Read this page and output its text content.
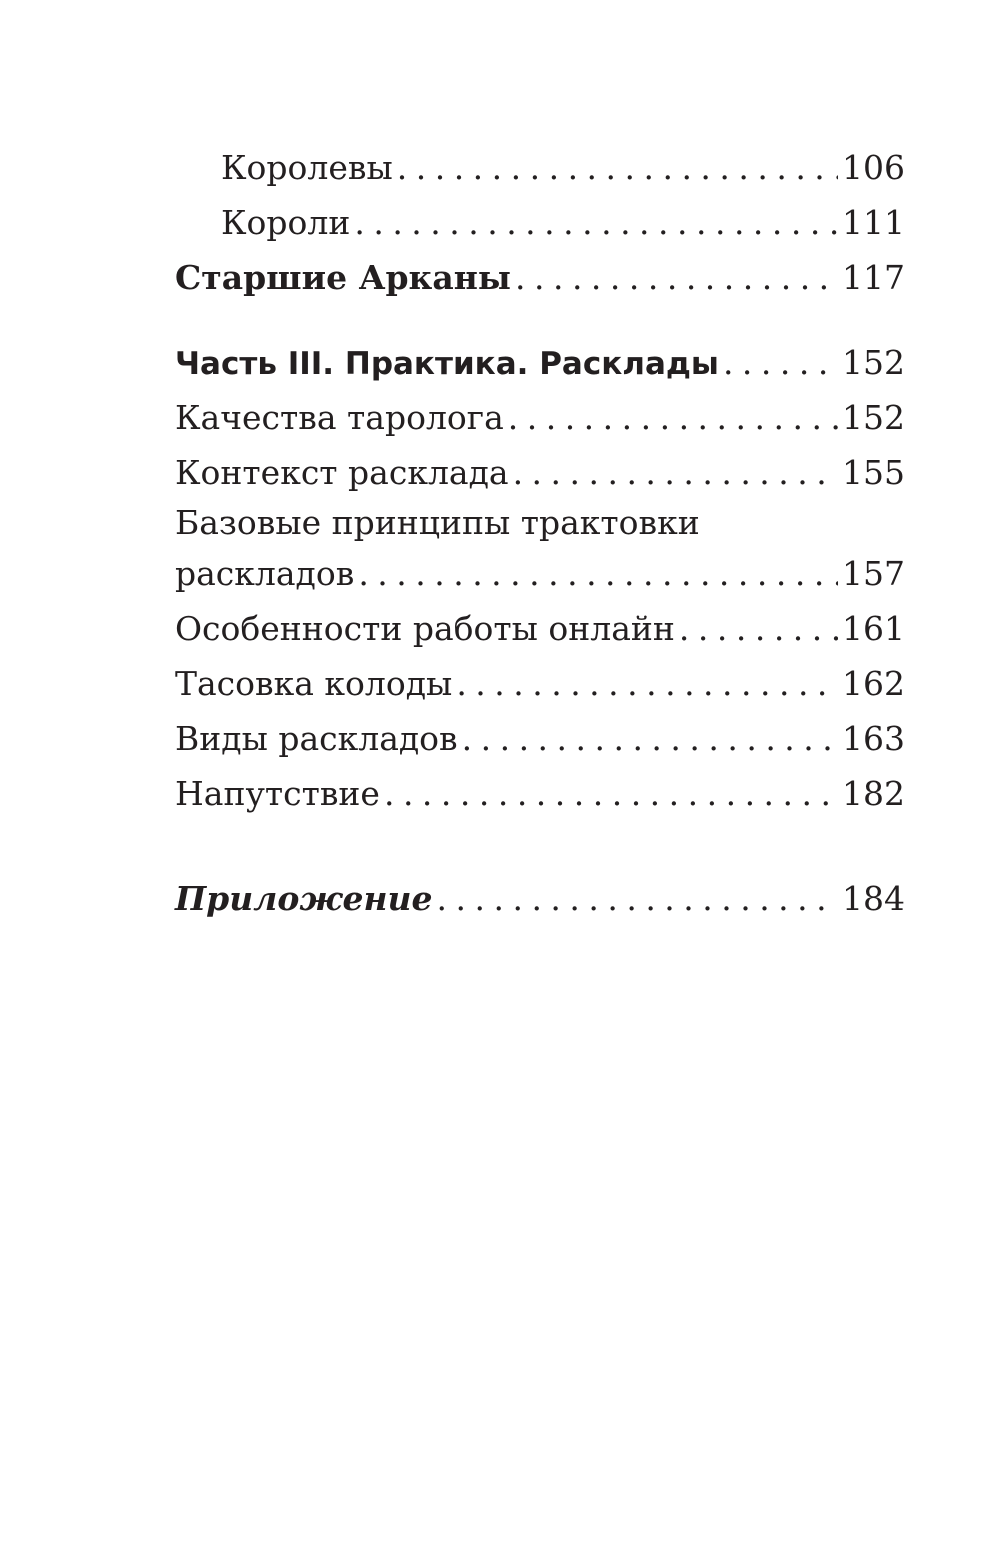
Королевы . . .	106
Короли . . .	111
Старшие Арканы . . .	117
Часть III. Практика. Расклады . . .	152
Качества таролога . . .	152
Контекст расклада . . .	155
Базовые принципы трактовки
раскладов . . .	157
Особенности работы онлайн . . .	161
Тасовка колоды . . .	162
Виды раскладов . . .	163
Напутствие . . .	182
Приложение . . .	184
